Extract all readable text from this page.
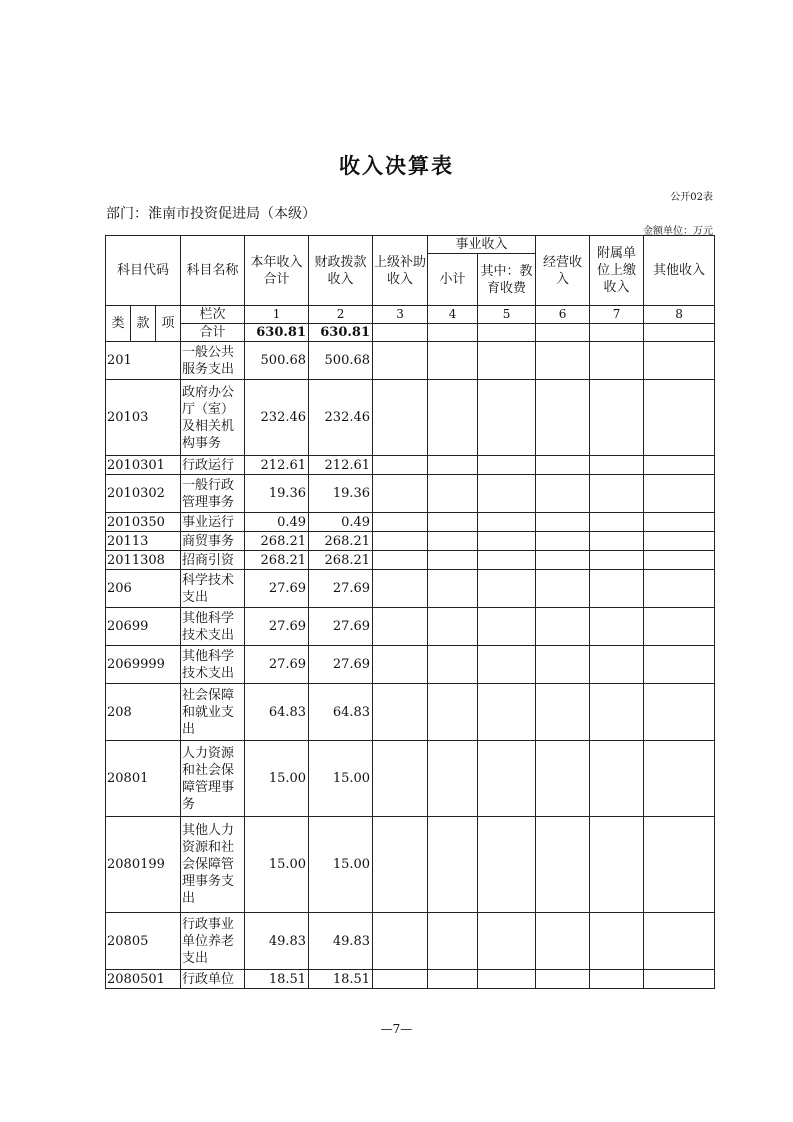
收入决算表
公开02表
部门：淮南市投资促进局（本级）
金额单位：万元
科目代码			科目名称	本年收入合计	财政拨款收入	上级补助收入	事业收入		经营收入	附属单位上缴收入	其他收入
							小计	其中：教育收费			

类	款	项	栏次	1	2	3	4	5	6	7	8
			合计	630.81	630.81						
201			一般公共服务支出	500.68	500.68						
20103			政府办公厅（室）及相关机构事务	232.46	232.46						
2010301			行政运行	212.61	212.61						
2010302			一般行政管理事务	19.36	19.36						
2010350			事业运行	0.49	0.49						
20113			商贸事务	268.21	268.21						
2011308			招商引资	268.21	268.21						
206			科学技术支出	27.69	27.69						
20699			其他科学技术支出	27.69	27.69						
2069999			其他科学技术支出	27.69	27.69						
208			社会保障和就业支出	64.83	64.83						
20801			人力资源和社会保障管理事务	15.00	15.00						
2080199			其他人力资源和社会保障管理事务支出	15.00	15.00						
20805			行政事业单位养老支出	49.83	49.83						
2080501			行政单位	18.51	18.51						
—7—
